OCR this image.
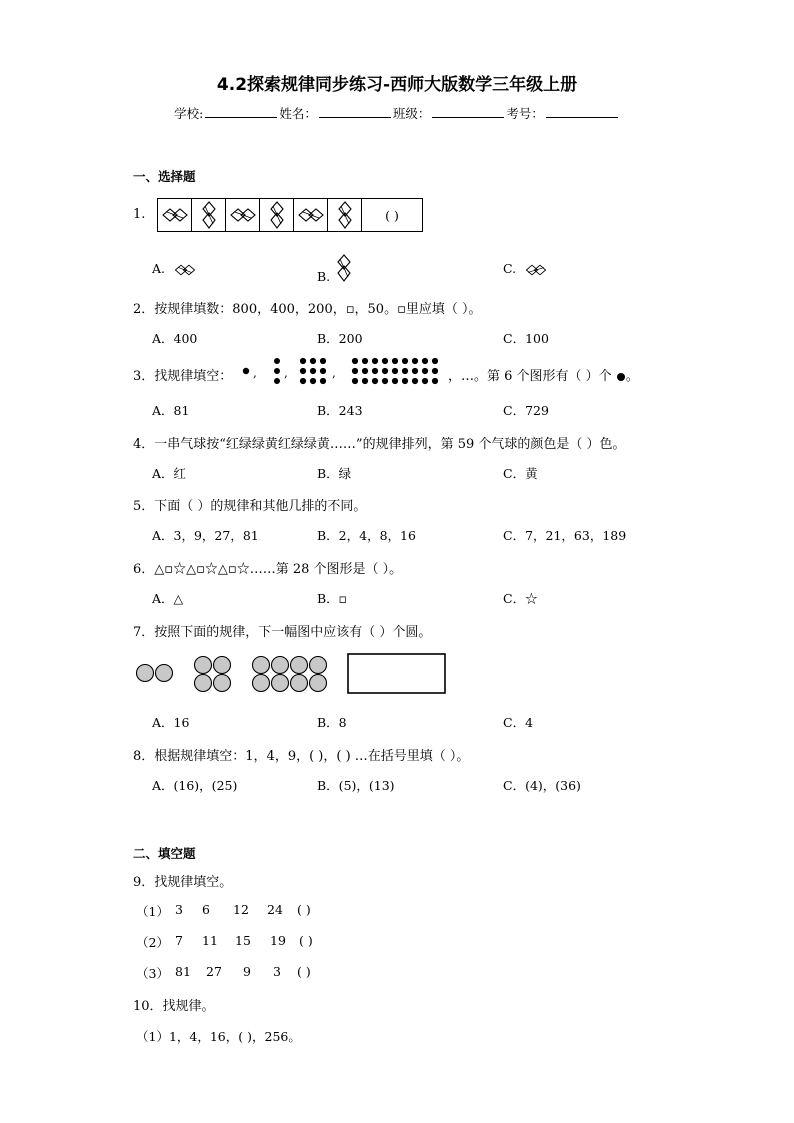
4.2探索规律同步练习-西师大版数学三年级上册
学校:	姓名：	班级：	考号：
一、选择题
1.	( )
A.	B.	C.
2．按规律填数：800，400，200，▫，50。▫里应填（ ）。
A．400	B．200	C．100
3．找规律填空： , ,	,	，…。第 6 个图形有（ ）个 。
A．81	B．243	C．729
4．一串气球按“红绿绿黄红绿绿黄……”的规律排列，第 59 个气球的颜色是（ ）色。
A．红	B．绿	C．黄
5．下面（ ）的规律和其他几排的不同。
A．3，9，27，81	B．2，4，8，16	C．7，21，63，189
6．△▫☆△▫☆△▫☆……第 28 个图形是（ ）。
A．△	B．▫	C．☆
7．按照下面的规律，下一幅图中应该有（ ）个圆。
A．16	B．8	C．4
8．根据规律填空：1，4，9，( )，( ) …在括号里填（ ）。
A．(16)，(25)	B．(5)，(13)	C．(4)，(36)
二、填空题
9．找规律填空。
（1） 3 6 12 24 ( )
（2） 7 11 15 19 ( )
（3） 81 27 9 3 ( )
10．找规律。
（1）1，4，16，( )，256。
